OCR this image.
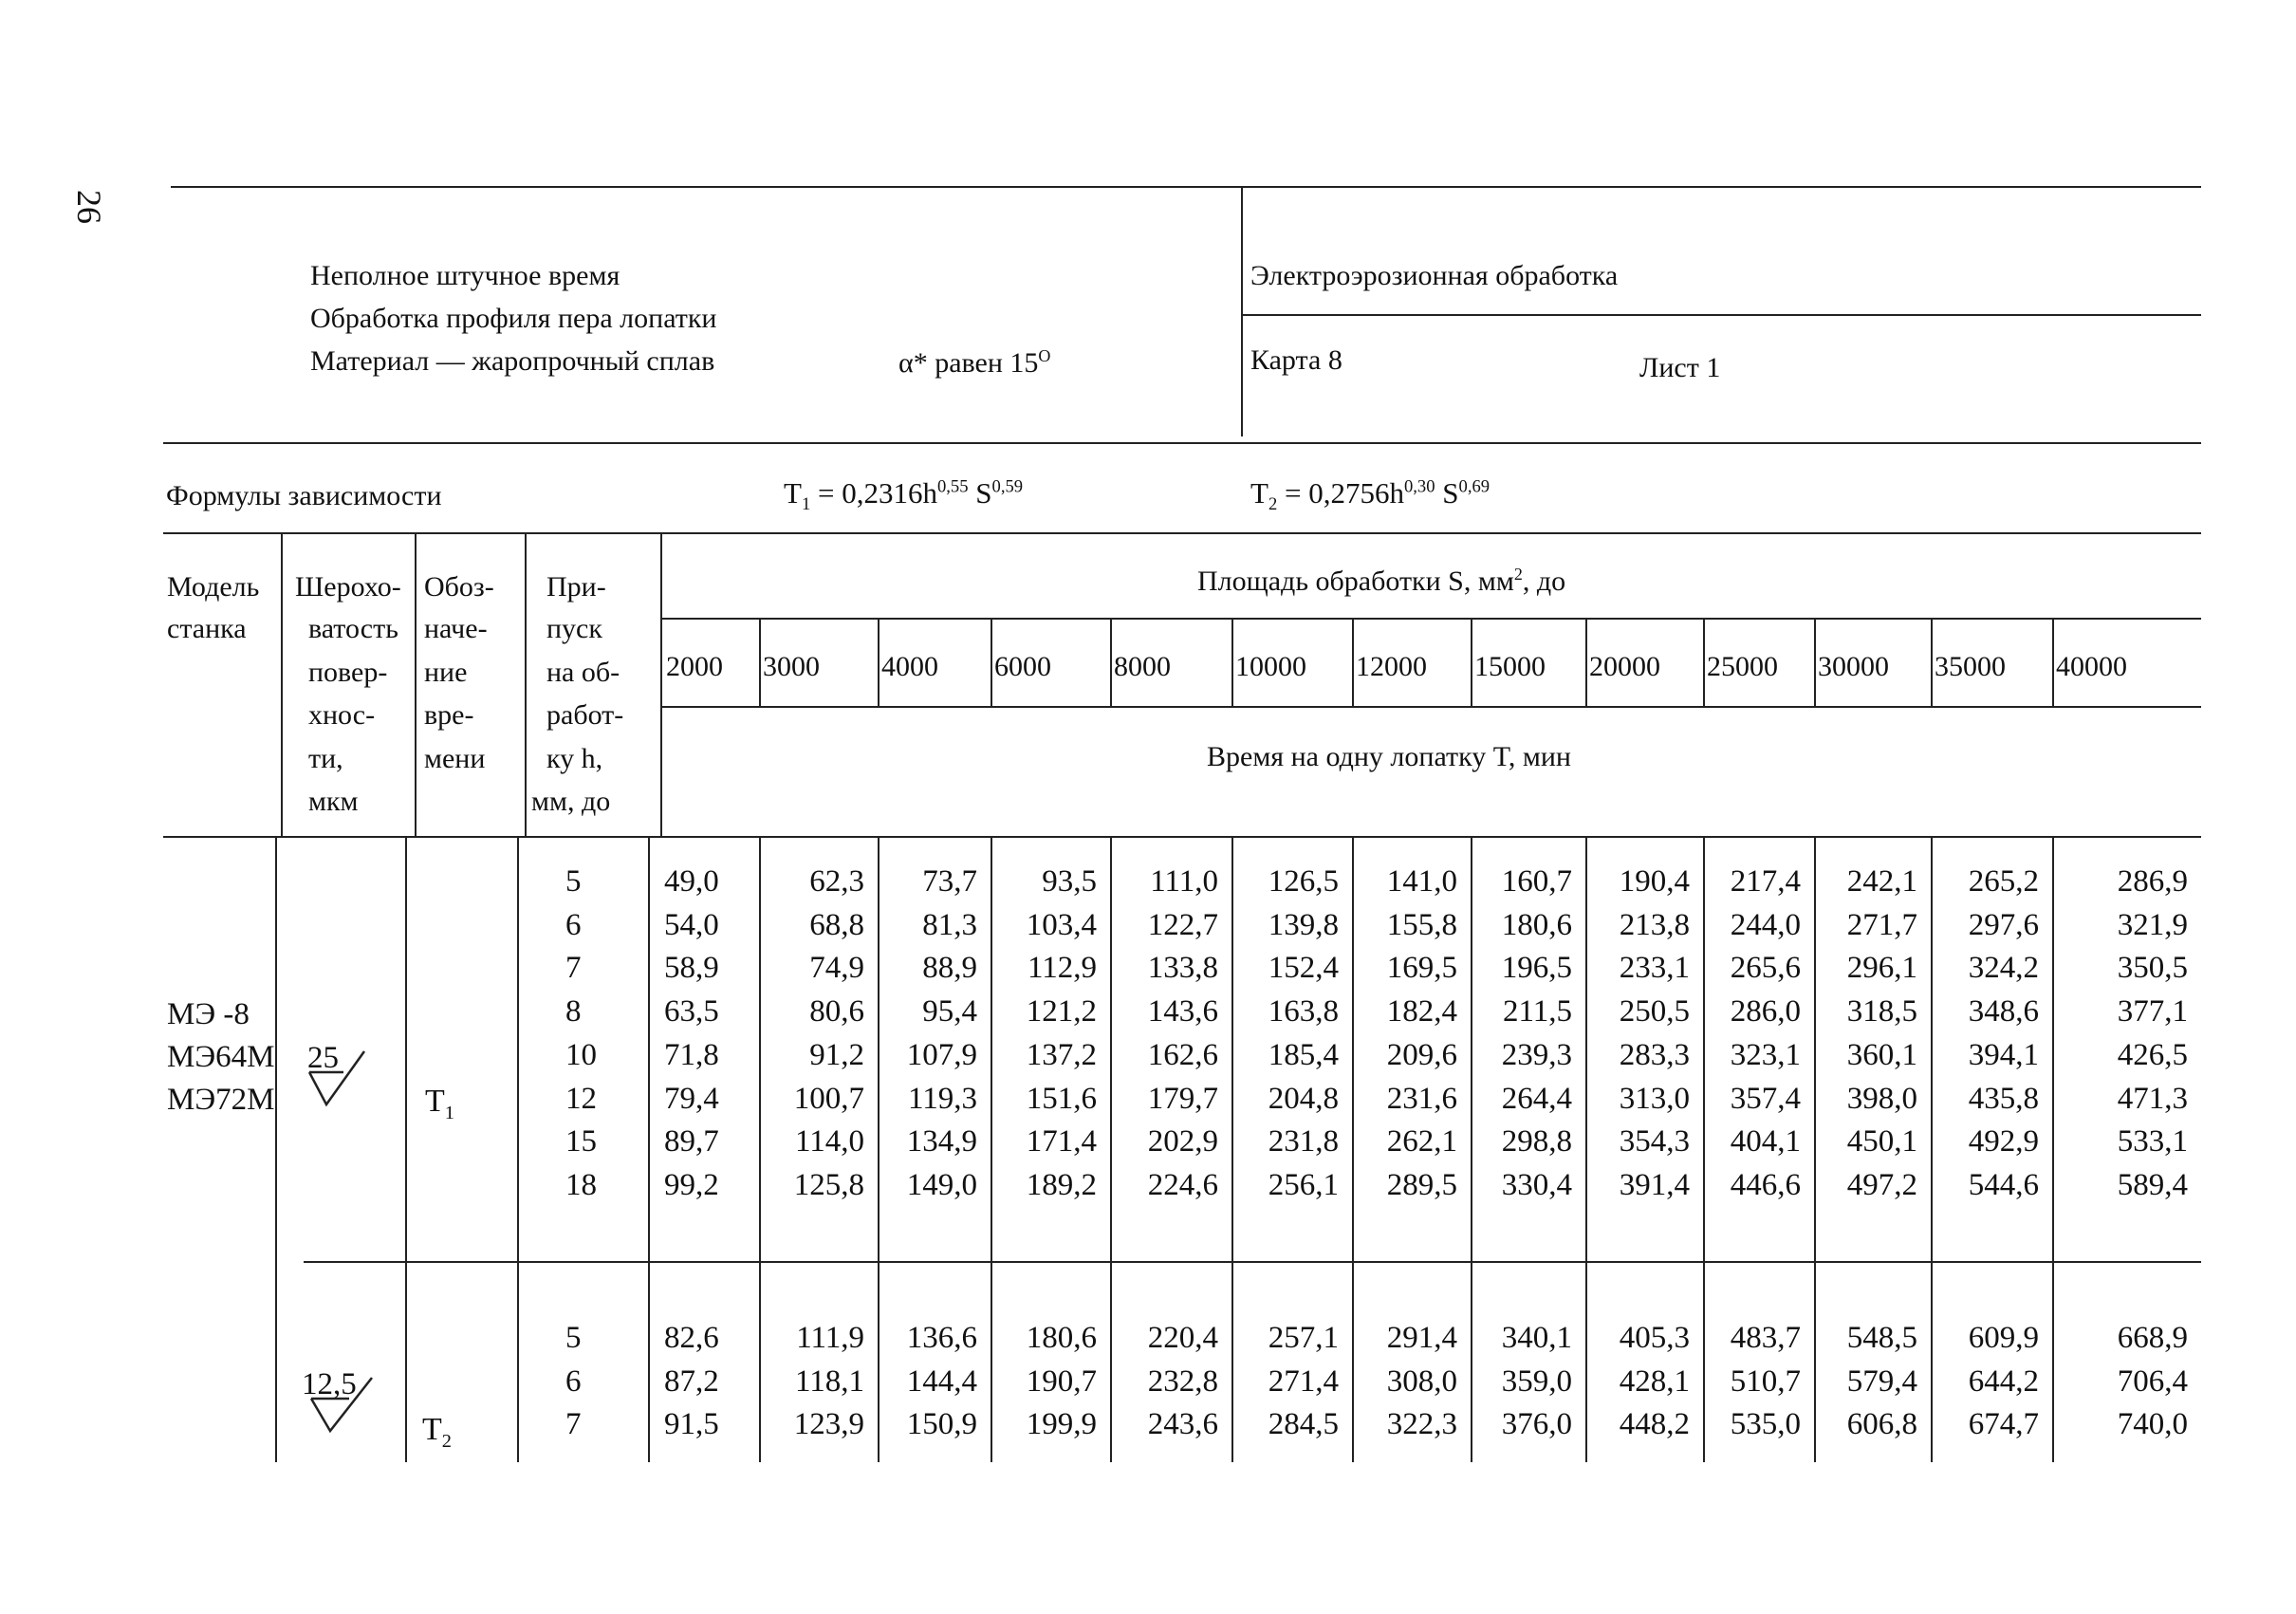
26
Неполное штучное время
Обработка профиля пера лопатки
Материал — жаропрочный сплав	α* равен $15^O$
Электроэрозионная обработка
Карта 8	Лист 1
Формулы зависимости	$T_1 = 0,2316h^{0,55}$ S$^{0,59}$	$T_2 = 0,2756h^{0,30}$ S$^{0,69}$
Модель
станка
Шерохо-
ватость
повер-
хнос-
ти,
мкм
Обоз-
наче-
ние
вре-
мени
При-
пуск
на об-
работ-
ку h,
мм, до
Площадь обработки S, $мм^2$, до
Время на одну лопатку T, мин
2000 3000 4000 6000 8000 10000 12000 15000 20000 25000 30000 35000 40000
МЭ -8
МЭ64М
МЭ72М
25
$T_1$
12,5
$T_2$
5	49,0	62,3	73,7	93,5	111,0	126,5	141,0	160,7	190,4	217,4	242,1	265,2	286,9
6	54,0	68,8	81,3	103,4	122,7	139,8	155,8	180,6	213,8	244,0	271,7	297,6	321,9
7	58,9	74,9	88,9	112,9	133,8	152,4	169,5	196,5	233,1	265,6	296,1	324,2	350,5
8	63,5	80,6	95,4	121,2	143,6	163,8	182,4	211,5	250,5	286,0	318,5	348,6	377,1
10 71,8	91,2	107,9	137,2	162,6	185,4	209,6	239,3	283,3	323,1	360,1	394,1	426,5
12 79,4	100,7	119,3	151,6	179,7	204,8	231,6	264,4	313,0	357,4	398,0	435,8	471,3
15 89,7	114,0	134,9	171,4	202,9	231,8	262,1	298,8	354,3	404,1	450,1	492,9	533,1
18 99,2	125,8	149,0	189,2	224,6	256,1	289,5	330,4	391,4	446,6	497,2	544,6	589,4
5	82,6	111,9	136,6	180,6	220,4	257,1	291,4	340,1	405,3	483,7	548,5	609,9	668,9
6	87,2	118,1	144,4	190,7	232,8	271,4	308,0	359,0	428,1	510,7	579,4	644,2	706,4
7	91,5	123,9	150,9	199,9	243,6	284,5	322,3	376,0	448,2	535,0	606,8	674,7	740,0
